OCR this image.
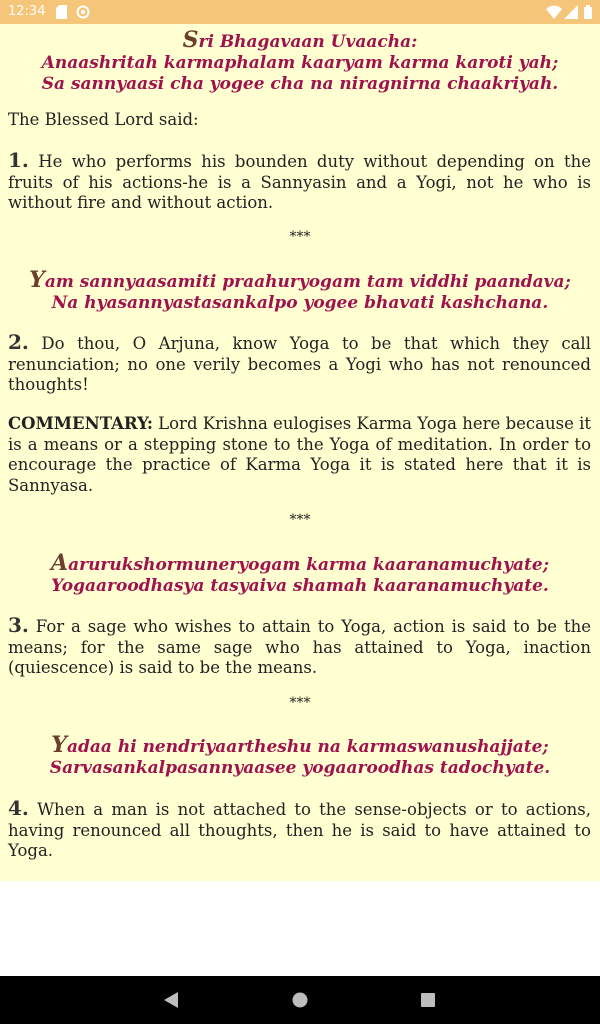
12:34
Sri Bhagavaan Uvaacha:
Anaashritah karmaphalam kaaryam karma karoti yah;
Sa sannyaasi cha yogee cha na niragnirna chaakriyah.
The Blessed Lord said:
1. He who performs his bounden duty without depending on the fruits of his actions-he is a Sannyasin and a Yogi, not he who is without fire and without action.
***
Yam sannyaasamiti praahuryogam tam viddhi paandava;
Na hyasannyastasankalpo yogee bhavati kashchana.
2. Do thou, O Arjuna, know Yoga to be that which they call renunciation; no one verily becomes a Yogi who has not renounced thoughts!
COMMENTARY: Lord Krishna eulogises Karma Yoga here because it is a means or a stepping stone to the Yoga of meditation. In order to encourage the practice of Karma Yoga it is stated here that it is Sannyasa.
***
Aarurukshormuneryogam karma kaaranamuchyate;
Yogaaroodhasya tasyaiva shamah kaaranamuchyate.
3. For a sage who wishes to attain to Yoga, action is said to be the means; for the same sage who has attained to Yoga, inaction (quiescence) is said to be the means.
***
Yadaa hi nendriyaartheshu na karmaswanushajjate;
Sarvasankalpasannyaasee yogaaroodhas tadochyate.
4. When a man is not attached to the sense-objects or to actions, having renounced all thoughts, then he is said to have attained to Yoga.
